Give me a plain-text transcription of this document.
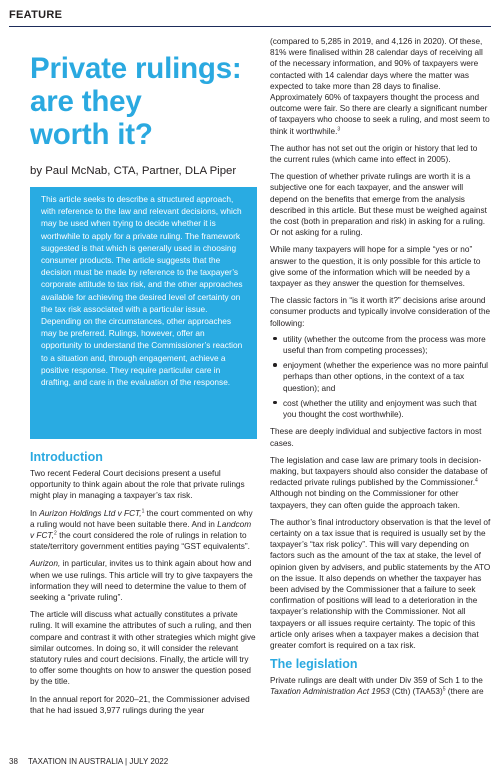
FEATURE
Private rulings:
are they
worth it?
by Paul McNab, CTA, Partner, DLA Piper

This article seeks to describe a structured approach, with reference to the law and relevant decisions, which may be used when trying to decide whether it is worthwhile to apply for a private ruling. The framework suggested is that which is generally used in choosing consumer products. The article suggests that the decision must be made by reference to the taxpayer’s corporate attitude to tax risk, and the other approaches available for achieving the desired level of certainty on the tax risk associated with a particular issue. Depending on the circumstances, other approaches may be preferred. Rulings, however, offer an opportunity to understand the Commissioner’s reaction to a situation and, through engagement, achieve a positive response. They require particular care in drafting, and care in the evaluation of the response.

Introduction

Two recent Federal Court decisions present a useful opportunity to think again about the role that private rulings might play in managing a taxpayer’s tax risk.

In Aurizon Holdings Ltd v FCT,$^1$ the court commented on why a ruling would not have been suitable there. And in Landcom v FCT,$^2$ the court considered the role of rulings in relation to state/territory government entities paying “GST equivalents”.

Aurizon, in particular, invites us to think again about how and when we use rulings. This article will try to give taxpayers the information they will need to determine the value to them of seeking a “private ruling”.

The article will discuss what actually constitutes a private ruling. It will examine the attributes of such a ruling, and then compare and contrast it with other strategies which might give similar outcomes. In doing so, it will consider the relevant statutory rules and court decisions. Finally, the article will try to offer some thoughts on how to answer the question posed by the title.

In the annual report for 2020–21, the Commissioner advised that he had issued 3,977 rulings during the year

(compared to 5,285 in 2019, and 4,126 in 2020). Of these, 81% were finalised within 28 calendar days of receiving all of the necessary information, and 90% of taxpayers were contacted with 14 calendar days where the matter was expected to take more than 28 days to finalise. Approximately 60% of taxpayers thought the process and outcome were fair. So there are clearly a significant number of taxpayers who choose to seek a ruling, and most seem to think it worthwhile.$^3$

The author has not set out the origin or history that led to the current rules (which came into effect in 2005).

The question of whether private rulings are worth it is a subjective one for each taxpayer, and the answer will depend on the benefits that emerge from the analysis described in this article. But these must be weighed against the cost (both in preparation and risk) in asking for a ruling. Or not asking for a ruling.

While many taxpayers will hope for a simple “yes or no” answer to the question, it is only possible for this article to give some of the information which will be needed by a taxpayer as they answer the question for themselves.

The classic factors in “is it worth it?” decisions arise around consumer products and typically involve consideration of the following:

utility (whether the outcome from the process was more useful than from competing processes);
enjoyment (whether the experience was no more painful perhaps than other options, in the context of a tax question); and
cost (whether the utility and enjoyment was such that you thought the cost worthwhile).

These are deeply individual and subjective factors in most cases.

The legislation and case law are primary tools in decision-making, but taxpayers should also consider the database of redacted private rulings published by the Commissioner.$^4$ Although not binding on the Commissioner for other taxpayers, they can often guide the approach taken.

The author’s final introductory observation is that the level of certainty on a tax issue that is required is usually set by the taxpayer’s “tax risk policy”. This will vary depending on factors such as the amount of the tax at stake, the level of opinion given by advisers, and public statements by the ATO on the issue. It also depends on whether the taxpayer has been advised by the Commissioner that a failure to seek confirmation of positions will lead to a deterioration in the taxpayer’s relationship with the Commissioner. Not all taxpayers or all issues require certainty. The topic of this article only arises when a taxpayer makes a decision that greater comfort is required on a tax risk.

The legislation

Private rulings are dealt with under Div 359 of Sch 1 to the Taxation Administration Act 1953 (Cth) $(TAA53)^5$ (there are

38 TAXATION IN AUSTRALIA | JULY 2022
